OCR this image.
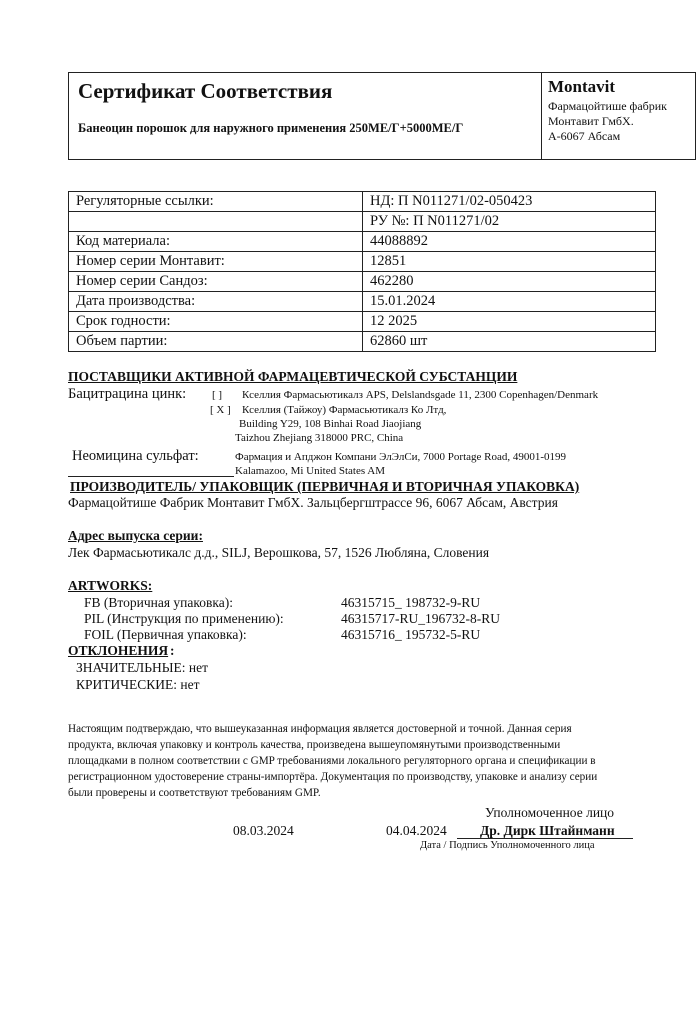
Сертификат Соответствия
Банеоцин порошок для наружного применения 250МЕ/Г+5000МЕ/Г
Montavit
Фармацойтише фабрик
Монтавит ГмбХ.
А-6067 Абсам
Регуляторные ссылки:	НД: П N011271/02-050423
	РУ №: П N011271/02
Код материала:	44088892
Номер серии Монтавит:	12851
Номер серии Сандоз:	462280
Дата производства:	15.01.2024
Срок годности:	12 2025
Объем партии:	62860 шт
ПОСТАВЩИКИ АКТИВНОЙ ФАРМАЦЕВТИЧЕСКОЙ СУБСТАНЦИИ
Бацитрацина цинк: [ ] Кселлия Фармасьютикалз APS, Delslandsgade 11, 2300 Copenhagen/Denmark
[ X ] Кселлия (Тайжоу) Фармасьютикалз Ко Лтд,
Building Y29, 108 Binhai Road Jiaojiang
Taizhou Zhejiang 318000 PRC, China
Неомицина сульфат:	Фармация и Апджон Компани ЭлЭлСи, 7000 Portage Road, 49001-0199
Kalamazoo, Mi United States AM
ПРОИЗВОДИТЕЛЬ/ УПАКОВЩИК (ПЕРВИЧНАЯ И ВТОРИЧНАЯ УПАКОВКА)
Фармацойтише Фабрик Монтавит ГмбХ. Зальцбергштрассе 96, 6067 Абсам, Австрия
Адрес выпуска серии:
Лек Фармасьютикалс д.д., SILJ, Верошкова, 57, 1526 Любляна, Словения
ARTWORKS:
FB (Вторичная упаковка):	46315715_ 198732-9-RU
PIL (Инструкция по применению):	46315717-RU_196732-8-RU
FOIL (Первичная упаковка):	46315716_ 195732-5-RU
ОТКЛОНЕНИЯ :
ЗНАЧИТЕЛЬНЫЕ: нет
КРИТИЧЕСКИЕ: нет
Настоящим подтверждаю, что вышеуказанная информация является достоверной и точной. Данная серия
продукта, включая упаковку и контроль качества, произведена вышеупомянутыми производственными
площадками в полном соответствии с GMP требованиями локального регуляторного органа и спецификации в
регистрационном удостоверение страны-импортёра. Документация по производству, упаковке и анализу серии
были проверены и соответствуют требованиям GMP.
Уполномоченное лицо
08.03.2024	04.04.2024 Др. Дирк Штайнманн
Дата / Подпись Уполномоченного лица
